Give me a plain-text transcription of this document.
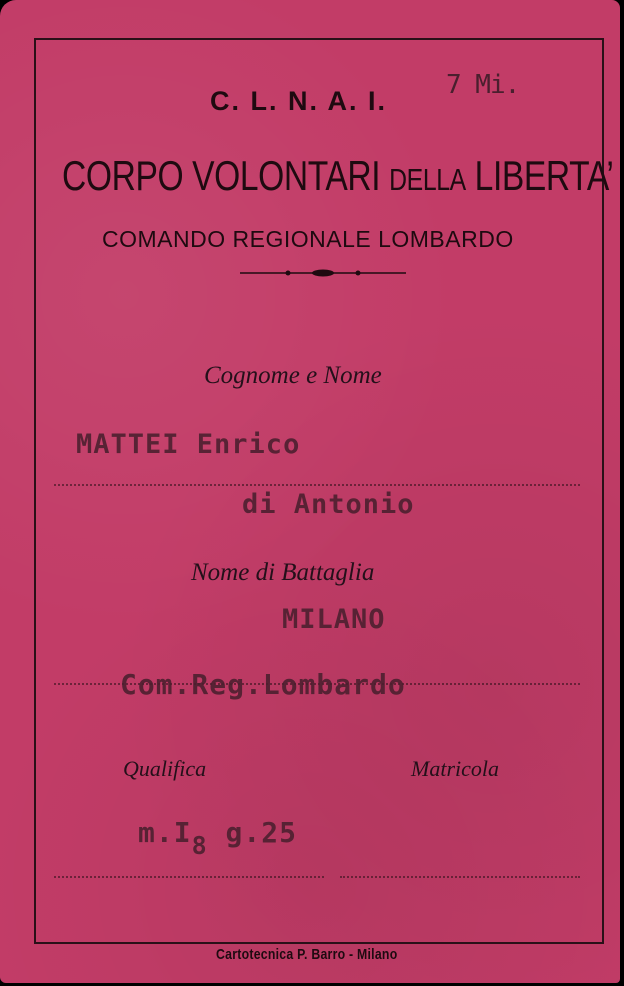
C. L. N. A. I.
7 Mi.
CORPO VOLONTARI DELLA LIBERTA’
COMANDO REGIONALE LOMBARDO
Cognome e Nome
MATTEI Enrico
di Antonio
Nome di Battaglia
MILANO
Com.Reg.Lombardo
Qualifica	Matricola
m.I8 g.25
Cartotecnica P. Barro - Milano
